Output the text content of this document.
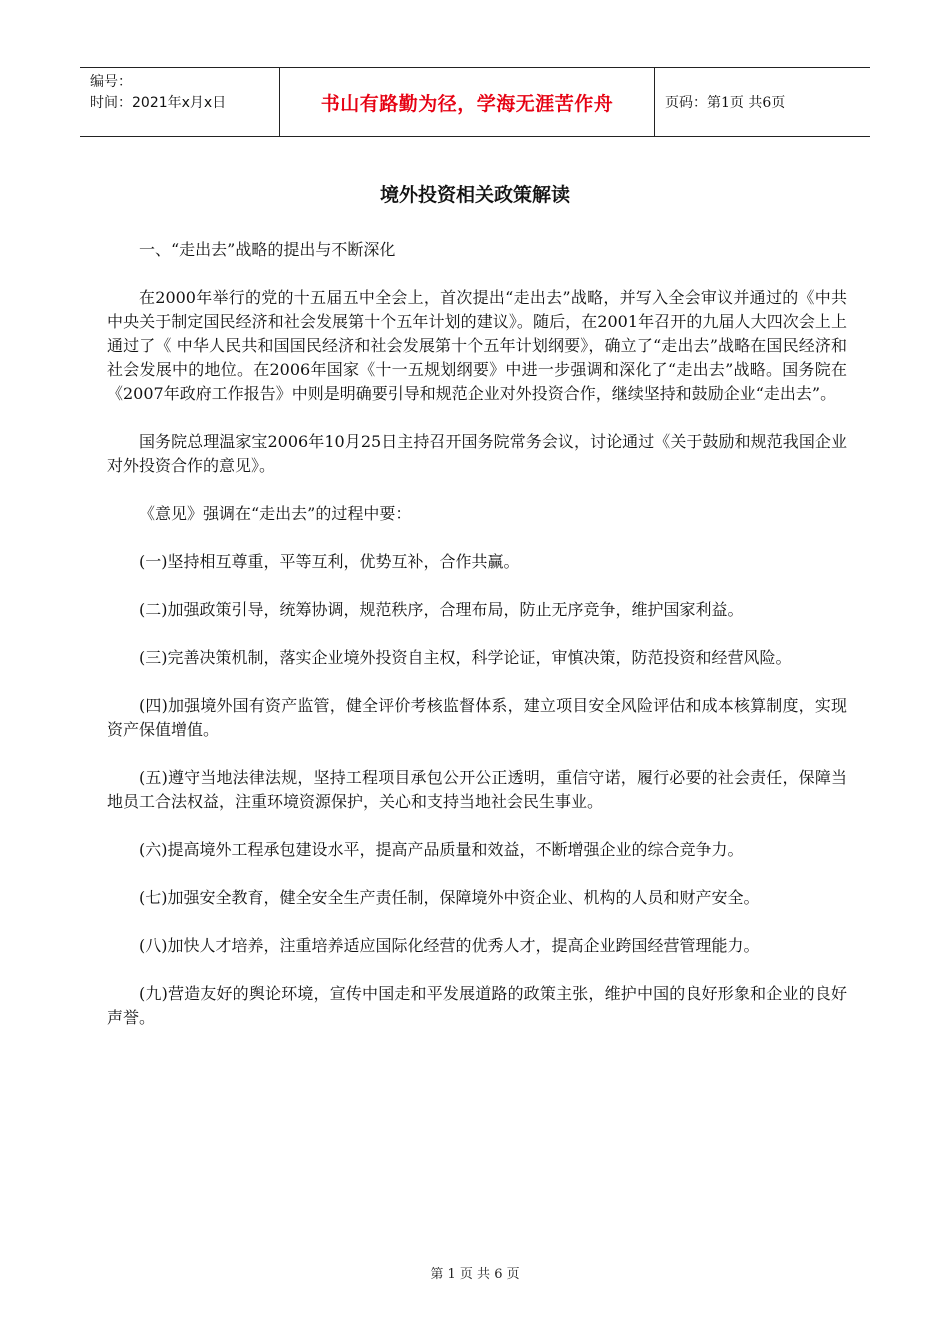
编号：
时间：2021年x月x日	书山有路勤为径，学海无涯苦作舟	页码：第1页 共6页
境外投资相关政策解读

一、“走出去”战略的提出与不断深化

在2000年举行的党的十五届五中全会上，首次提出“走出去”战略，并写入全会审议并通过的《中共中央关于制定国民经济和社会发展第十个五年计划的建议》。随后，在2001年召开的九届人大四次会上上通过了《 中华人民共和国国民经济和社会发展第十个五年计划纲要》，确立了“走出去”战略在国民经济和社会发展中的地位。在2006年国家《十一五规划纲要》中进一步强调和深化了“走出去”战略。国务院在《2007年政府工作报告》中则是明确要引导和规范企业对外投资合作，继续坚持和鼓励企业“走出去”。

国务院总理温家宝2006年10月25日主持召开国务院常务会议，讨论通过《关于鼓励和规范我国企业对外投资合作的意见》。

《意见》强调在“走出去”的过程中要：

(一)坚持相互尊重，平等互利，优势互补，合作共赢。

(二)加强政策引导，统筹协调，规范秩序，合理布局，防止无序竞争，维护国家利益。

(三)完善决策机制，落实企业境外投资自主权，科学论证，审慎决策，防范投资和经营风险。

(四)加强境外国有资产监管，健全评价考核监督体系，建立项目安全风险评估和成本核算制度，实现资产保值增值。

(五)遵守当地法律法规，坚持工程项目承包公开公正透明，重信守诺，履行必要的社会责任，保障当地员工合法权益，注重环境资源保护，关心和支持当地社会民生事业。

(六)提高境外工程承包建设水平，提高产品质量和效益，不断增强企业的综合竞争力。

(七)加强安全教育，健全安全生产责任制，保障境外中资企业、机构的人员和财产安全。

(八)加快人才培养，注重培养适应国际化经营的优秀人才，提高企业跨国经营管理能力。

(九)营造友好的舆论环境，宣传中国走和平发展道路的政策主张，维护中国的良好形象和企业的良好声誉。

第 1 页 共 6 页
